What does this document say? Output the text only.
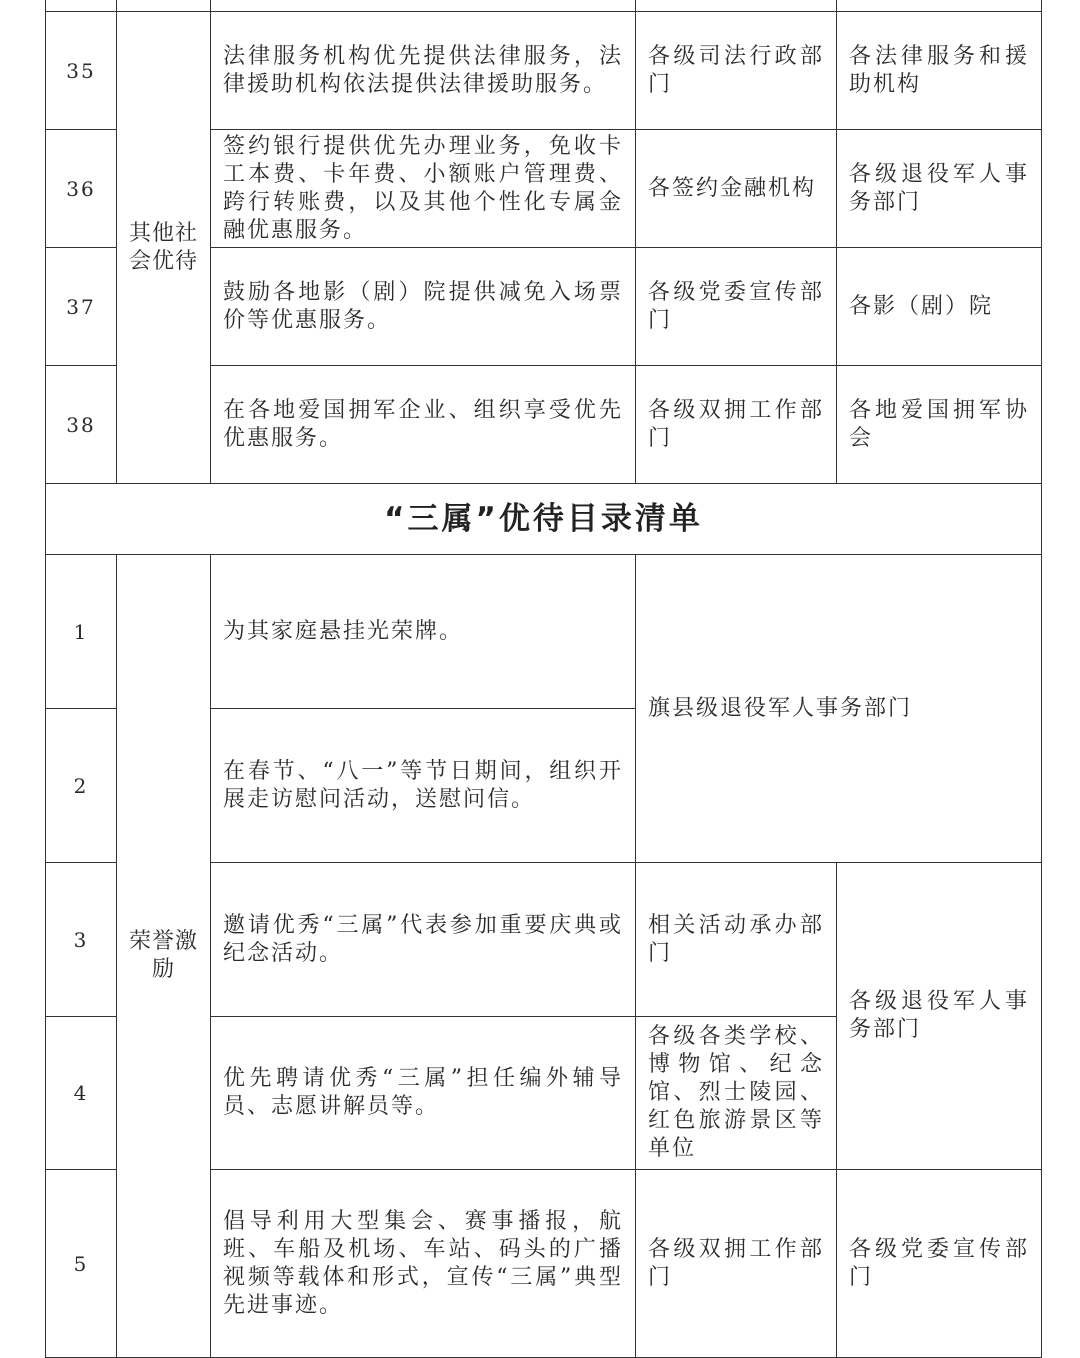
35	其他社会优待	法律服务机构优先提供法律服务，法律援助机构依法提供法律援助服务。	各级司法行政部门	各法律服务和援助机构
36		签约银行提供优先办理业务，免收卡工本费、卡年费、小额账户管理费、跨行转账费，以及其他个性化专属金融优惠服务。	各签约金融机构	各级退役军人事务部门
37		鼓励各地影（剧）院提供减免入场票价等优惠服务。	各级党委宣传部门	各影（剧）院
38		在各地爱国拥军企业、组织享受优先优惠服务。	各级双拥工作部门	各地爱国拥军协会
“三属”优待目录清单				
1	荣誉激励	为其家庭悬挂光荣牌。	旗县级退役军人事务部门	
2		在春节、“八一”等节日期间，组织开展走访慰问活动，送慰问信。		
3		邀请优秀“三属”代表参加重要庆典或纪念活动。	相关活动承办部门	各级退役军人事务部门
4		优先聘请优秀“三属”担任编外辅导员、志愿讲解员等。	各级各类学校、博物馆、纪念馆、烈士陵园、红色旅游景区等单位	
5		倡导利用大型集会、赛事播报，航班、车船及机场、车站、码头的广播视频等载体和形式，宣传“三属”典型先进事迹。	各级双拥工作部门	各级党委宣传部门
